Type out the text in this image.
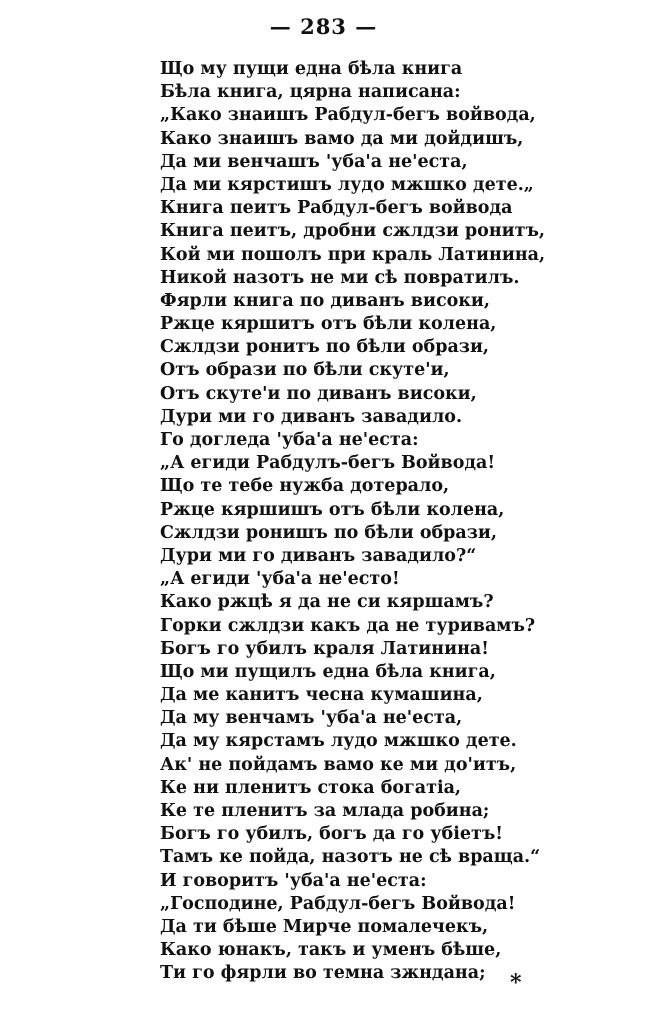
— 283 —
Що му пущи една бѣла книга
Бѣла книга, цярна написана:
„Како знаишъ Рабдул-бегъ войвода,
Како знаишъ вамо да ми дойдишъ,
Да ми венчашъ 'уба'а не'еста,
Да ми кярстишъ лудо мжшко дете.„
Книга пеитъ Рабдул-бегъ войвода
Книга пеитъ, дробни сжлдзи ронитъ,
Кой ми пошолъ при краль Латинина,
Никой назотъ не ми сѣ повратилъ.
Фярли книга по диванъ високи,
Ржце кяршитъ отъ бѣли колена,
Сжлдзи ронитъ по бѣли образи,
Отъ образи по бѣли скуте'и,
Отъ скуте'и по диванъ високи,
Дури ми го диванъ завадило.
Го догледа 'уба'а не'еста:
„А егиди Рабдулъ-бегъ Войвода!
Що те тебе нужба дотерало,
Ржце кяршишъ отъ бѣли колена,
Сжлдзи ронишъ по бѣли образи,
Дури ми го диванъ завадило?“
„А егиди 'уба'а не'есто!
Како ржцѣ я да не си кяршамъ?
Горки сжлдзи какъ да не туривамъ?
Богъ го убилъ краля Латинина!
Що ми пущилъ една бѣла книга,
Да ме канитъ чесна кумашина,
Да му венчамъ 'уба'а не'еста,
Да му кярстамъ лудо мжшко дете.
Ак' не пойдамъ вамо ке ми до'итъ,
Ке ни пленитъ стока богатiа,
Ке те пленитъ за млада робина;
Богъ го убилъ, богъ да го убiетъ!
Тамъ ке пойда, назотъ не сѣ враща.“
И говоритъ 'уба'а не'еста:
„Господине, Рабдул-бегъ Войвода!
Да ти бѣше Мирче помалечекъ,
Како юнакъ, такъ и уменъ бѣше,
Ти го фярли во темна зжндана;	*
